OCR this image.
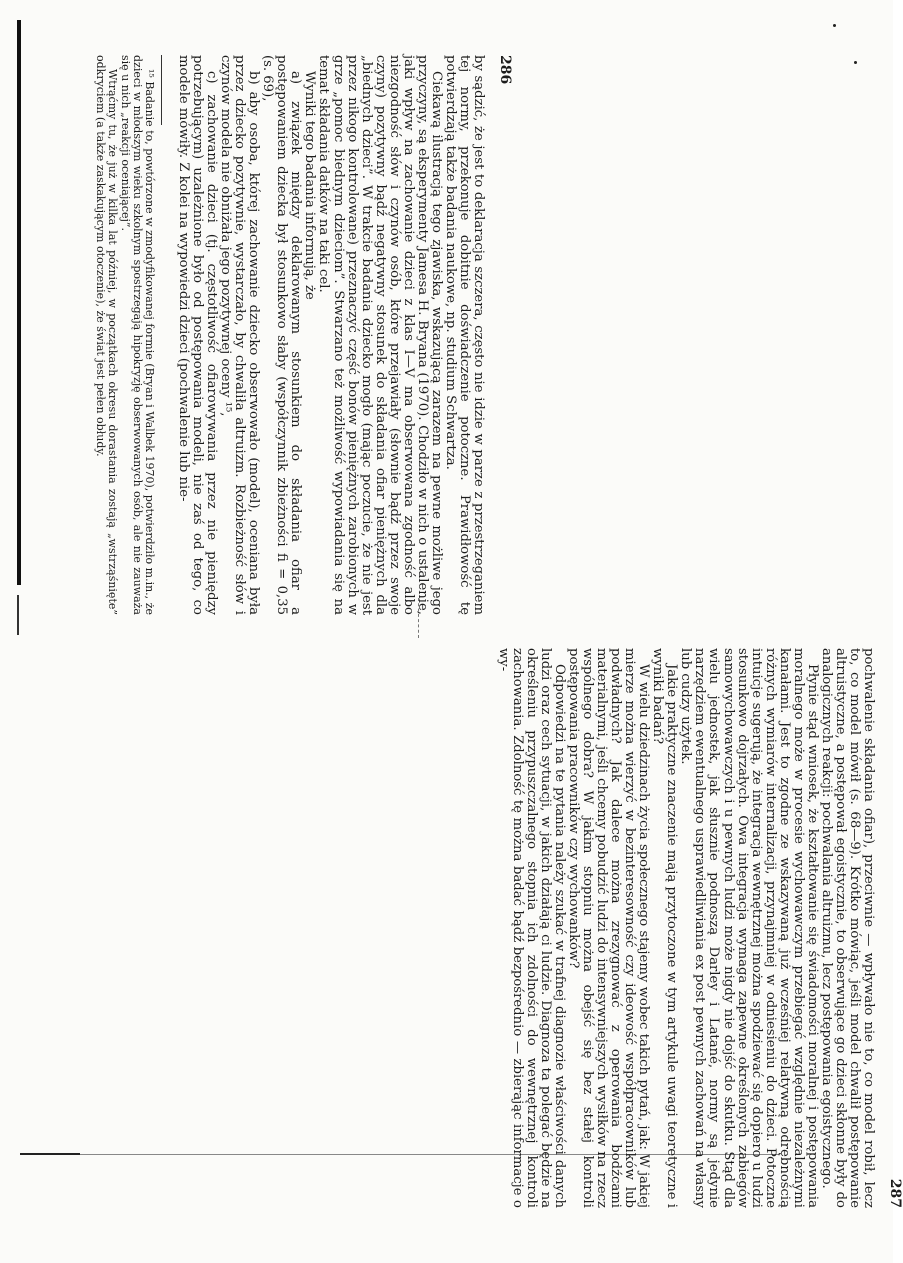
286

by sądzić, że jest to deklaracja szczera, często nie idzie w parze z przestrzeganiem tej normy, przekonuje dobitnie doświadczenie potoczne. Prawidłowość tę potwierdzają także badania naukowe, np. studium Schwartza.

Ciekawą ilustracją tego zjawiska, wskazującą zarazem na pewne możliwe jego przyczyny, są eksperymenty Jamesa H. Bryana (1970). Chodziło w nich o ustalenie, jaki wpływ na zachowanie dzieci z klas I—V ma obserwowana zgodność albo niezgodność słów i czynów osób, które przejawiały (słownie bądź przez swoje czyny) pozytywny bądź negatywny stosunek do składania ofiar pieniężnych dla „biednych dzieci”. W trakcie badania dziecko mogło (mając poczucie, że nie jest przez nikogo kontrolowane) przeznaczyć część bonów pieniężnych zarobionych w grze „pomoc biednym dzieciom”. Stwarzano też możliwość wypowiadania się na temat składania datków na taki cel.

Wyniki tego badania informują, że

a) związek między deklarowanym stosunkiem do składania ofiar a postępowaniem dziecka był stosunkowo słaby (współczynnik zbieżności fi = 0,35 (s. 69),

b) aby osoba, której zachowanie dziecko obserwowało (model), oceniana była przez dziecko pozytywnie, wystarczało, by chwaliła altruizm. Rozbieżność słów i czynów modela nie obniżała jego pozytywnej oceny ¹⁵,

c) zachowanie dzieci (tj. częstotliwość ofiarowywania przez nie pieniędzy potrzebującym) uzależnione było od postępowania modeli, nie zaś od tego, co modele mówiły. Z kolei na wypowiedzi dzieci (pochwalenie lub nie-

¹⁵ Badanie to, powtórzone w zmodyfikowanej formie (Bryan i Walbek 1970), potwierdziło m.in., że dzieci w młodszym wieku szkolnym spostrzegają hipokryzję obserwowanych osób, ale nie zauważa się u nich „reakcji oceniającej”.

Wtrąćmy tu, że już w kilka lat później, w początkach okresu dorastania zostają „wstrząśnięte” odkryciem (a także zaskakującym otoczenie), że świat jest pełen obłudy.

287

pochwalenie składania ofiar), przeciwnie — wpływało nie to, co model robił, lecz to, co model mówił (s. 68—9). Krótko mówiąc, jeśli model chwalił postępowanie altruistyczne, a postępował egoistycznie, to obserwujące go dzieci skłonne były do analogicznych reakcji: pochwalania altruizmu, lecz postępowania egoistycznego.

Płynie stąd wniosek, że kształtowanie się świadomości moralnej i postępowania moralnego może w procesie wychowawczym przebiegać względnie niezależnymi kanałami. Jest to zgodne ze wskazywaną już wcześniej relatywną odrębnością różnych wymiarów internalizacji, przynajmniej w odniesieniu do dzieci. Potoczne intuicje sugerują, że integracja wewnętrznej można spodziewać się dopiero u ludzi stosunkowo dojrzałych. Owa integracja wymaga zapewne określonych zabiegów samowychowawczych i u pewnych ludzi może nigdy nie dojść do skutku. Stąd dla wielu jednostek, jak słusznie podnoszą Darley i Latané, normy są jedynie narzędziem ewentualnego usprawiedliwiania ex post pewnych zachowań na własny lub cudzy użytek.

Jakie praktyczne znaczenie mają przytoczone w tym artykule uwagi teoretyczne i wyniki badań?

W wielu dziedzinach życia społecznego stajemy wobec takich pytań, jak: W jakiej mierze można wierzyć w bezinteresowność czy ideowość współpracowników lub podwładnych? Jak dalece można zrezygnować z operowania bodźcami materialnymi, jeśli chcemy pobudzić ludzi do intensywniejszych wysiłków na rzecz wspólnego dobra? W jakim stopniu można obejść się bez stałej kontroli postępowania pracowników czy wychowanków?

Odpowiedzi na te pytania należy szukać w trafnej diagnozie właściwości danych ludzi oraz cech sytuacji, w jakich działają ci ludzie. Diagnoza ta polegać będzie na określeniu przypuszczalnego stopnia ich zdolności do wewnętrznej kontroli zachowania. Zdolność tę można badać bądź bezpośrednio — zbierając informacje o wy-
